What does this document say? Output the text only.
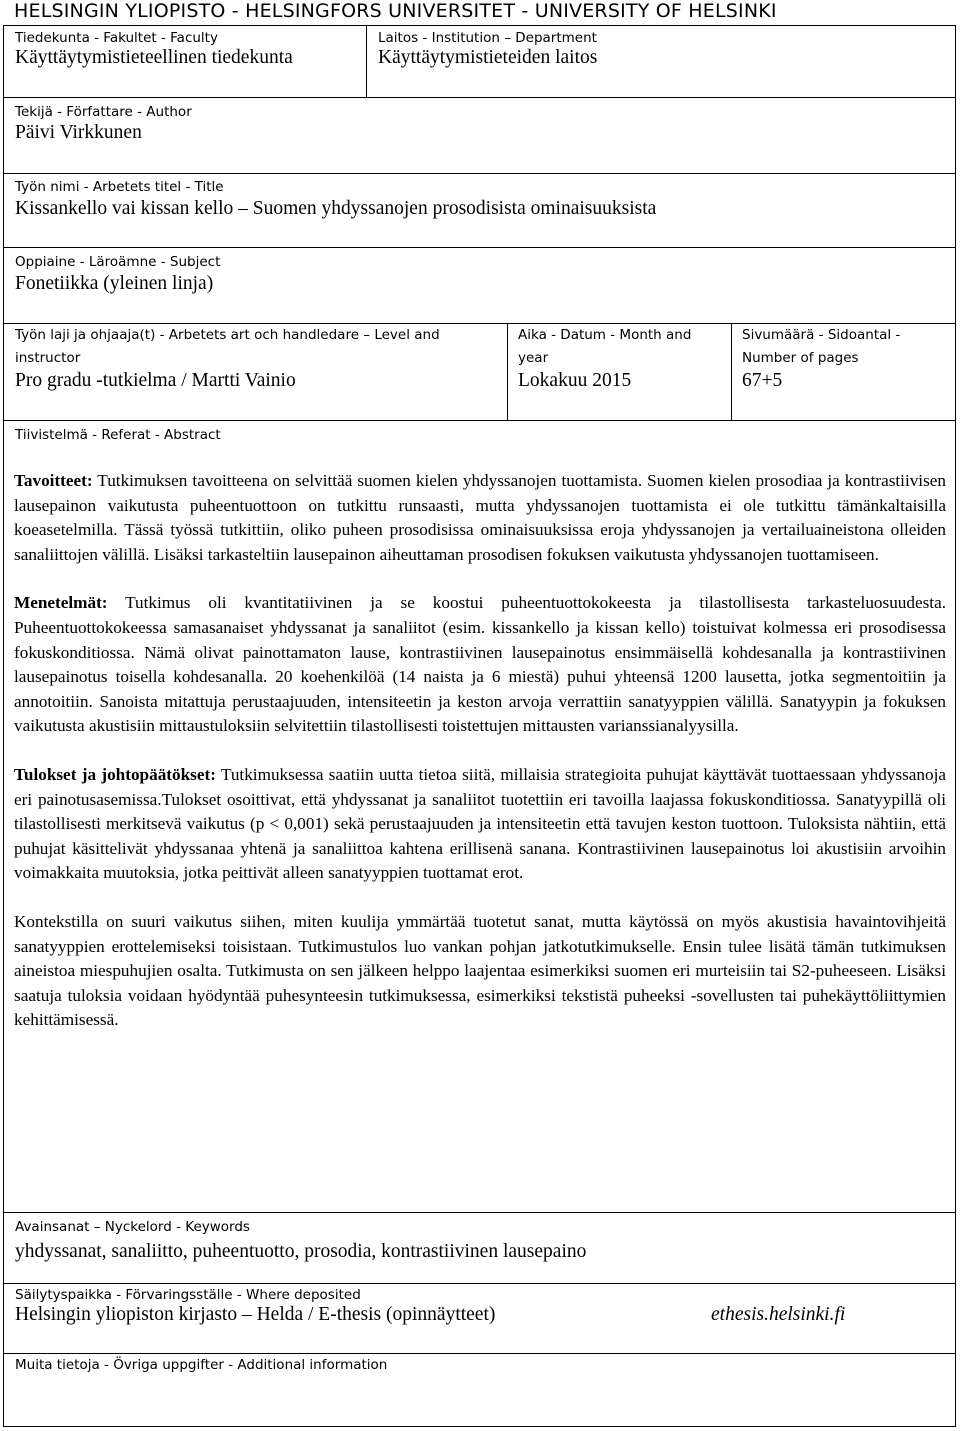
HELSINGIN YLIOPISTO - HELSINGFORS UNIVERSITET - UNIVERSITY OF HELSINKI
Tiedekunta - Fakultet - Faculty
Käyttäytymistieteellinen tiedekunta
Laitos - Institution – Department
Käyttäytymistieteiden laitos
Tekijä - Författare - Author
Päivi Virkkunen
Työn nimi - Arbetets titel - Title
Kissankello vai kissan kello – Suomen yhdyssanojen prosodisista ominaisuuksista
Oppiaine - Läroämne - Subject
Fonetiikka (yleinen linja)
Työn laji ja ohjaaja(t) - Arbetets art och handledare – Level and
instructor
Pro gradu -tutkielma / Martti Vainio
Aika - Datum - Month and
year
Lokakuu 2015
Sivumäärä - Sidoantal -
Number of pages
67+5
Tiivistelmä - Referat - Abstract

Tavoitteet: Tutkimuksen tavoitteena on selvittää suomen kielen yhdyssanojen tuottamista. Suomen kielen prosodiaa ja kontrastiivisen lausepainon vaikutusta puheentuottoon on tutkittu runsaasti, mutta yhdyssanojen tuottamista ei ole tutkittu tämänkaltaisilla koeasetelmilla. Tässä työssä tutkittiin, oliko puheen prosodisissa ominaisuuksissa eroja yhdyssanojen ja vertailuaineistona olleiden sanaliittojen välillä. Lisäksi tarkasteltiin lausepainon aiheuttaman prosodisen fokuksen vaikutusta yhdyssanojen tuottamiseen.

Menetelmät: Tutkimus oli kvantitatiivinen ja se koostui puheentuottokokeesta ja tilastollisesta tarkasteluosuudesta. Puheentuottokokeessa samasanaiset yhdyssanat ja sanaliitot (esim. kissankello ja kissan kello) toistuivat kolmessa eri prosodisessa fokuskonditiossa. Nämä olivat painottamaton lause, kontrastiivinen lausepainotus ensimmäisellä kohdesanalla ja kontrastiivinen lausepainotus toisella kohdesanalla. 20 koehenkilöä (14 naista ja 6 miestä) puhui yhteensä 1200 lausetta, jotka segmentoitiin ja annotoitiin. Sanoista mitattuja perustaajuuden, intensiteetin ja keston arvoja verrattiin sanatyyppien välillä. Sanatyypin ja fokuksen vaikutusta akustisiin mittaustuloksiin selvitettiin tilastollisesti toistettujen mittausten varianssianalyysilla.

Tulokset ja johtopäätökset: Tutkimuksessa saatiin uutta tietoa siitä, millaisia strategioita puhujat käyttävät tuottaessaan yhdyssanoja eri painotusasemissa.Tulokset osoittivat, että yhdyssanat ja sanaliitot tuotettiin eri tavoilla laajassa fokuskonditiossa. Sanatyypillä oli tilastollisesti merkitsevä vaikutus (p < 0,001) sekä perustaajuuden ja intensiteetin että tavujen keston tuottoon. Tuloksista nähtiin, että puhujat käsittelivät yhdyssanaa yhtenä ja sanaliittoa kahtena erillisenä sanana. Kontrastiivinen lausepainotus loi akustisiin arvoihin voimakkaita muutoksia, jotka peittivät alleen sanatyyppien tuottamat erot.

Kontekstilla on suuri vaikutus siihen, miten kuulija ymmärtää tuotetut sanat, mutta käytössä on myös akustisia havaintovihjeitä sanatyyppien erottelemiseksi toisistaan. Tutkimustulos luo vankan pohjan jatkotutkimukselle. Ensin tulee lisätä tämän tutkimuksen aineistoa miespuhujien osalta. Tutkimusta on sen jälkeen helppo laajentaa esimerkiksi suomen eri murteisiin tai S2-puheeseen. Lisäksi saatuja tuloksia voidaan hyödyntää puhesynteesin tutkimuksessa, esimerkiksi tekstistä puheeksi -sovellusten tai puhekäyttöliittymien kehittämisessä.

Avainsanat – Nyckelord - Keywords
yhdyssanat, sanaliitto, puheentuotto, prosodia, kontrastiivinen lausepaino
Säilytyspaikka - Förvaringsställe - Where deposited
Helsingin yliopiston kirjasto – Helda / E-thesis (opinnäytteet)	ethesis.helsinki.fi
Muita tietoja - Övriga uppgifter - Additional information
